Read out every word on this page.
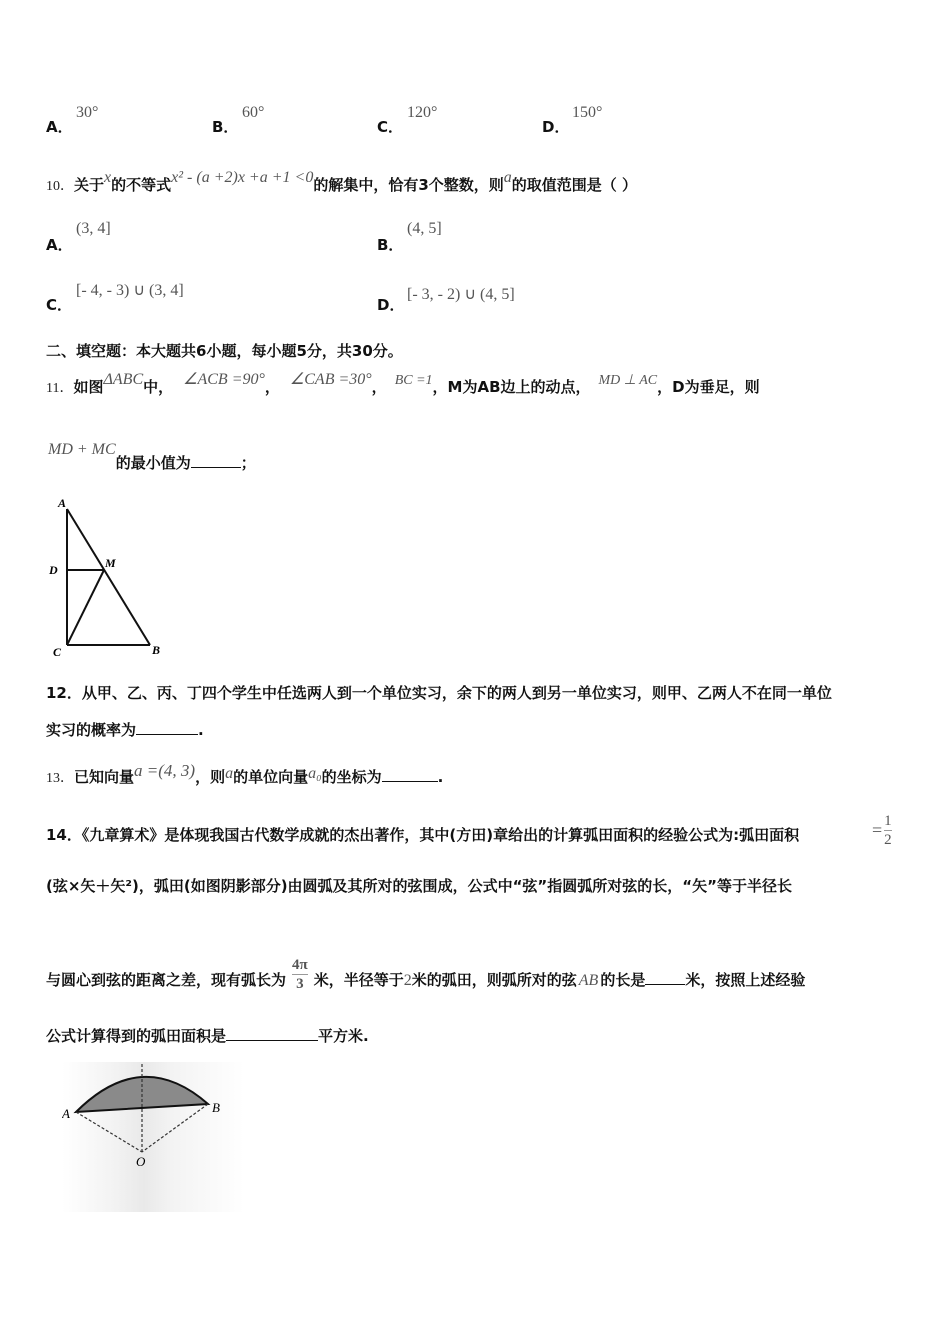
A．
30°
B．
60°
C．
120°
D．
150°
10．关于x的不等式x² - (a +2)x +a +1 <0的解集中，恰有3个整数，则a的取值范围是（ ）
A．
(3, 4]
B．
(4, 5]
C．
[- 4, - 3) ∪ (3, 4]
D．
[- 3, - 2) ∪ (4, 5]
二、填空题：本大题共6小题，每小题5分，共30分。
11．如图ΔABC中， ∠ACB =90°， ∠CAB =30°， BC =1，M为AB边上的动点， MD ⊥ AC，D为垂足，则
MD + MC的最小值为	；
A
D	M
C	B
12．从甲、乙、丙、丁四个学生中任选两人到一个单位实习，余下的两人到另一单位实习，则甲、乙两人不在同一单位
实习的概率为	.
13．已知向量a =(4, 3)，则a的单位向量a₀的坐标为	.
14．《九章算术》是体现我国古代数学成就的杰出著作，其中(方田)章给出的计算弧田面积的经验公式为:弧田面积	= $\frac{1}{2}$
(弦×矢＋矢²)，弧田(如图阴影部分)由圆弧及其所对的弦围成，公式中“弦”指圆弧所对弦的长，“矢”等于半径长
与圆心到弦的距离之差，现有弧长为 $\frac{4\pi}{3}$ 米，半径等于2米的弧田，则弧所对的弦 AB 的长是	米，按照上述经验
公式计算得到的弧田面积是	平方米.
A	B
O
